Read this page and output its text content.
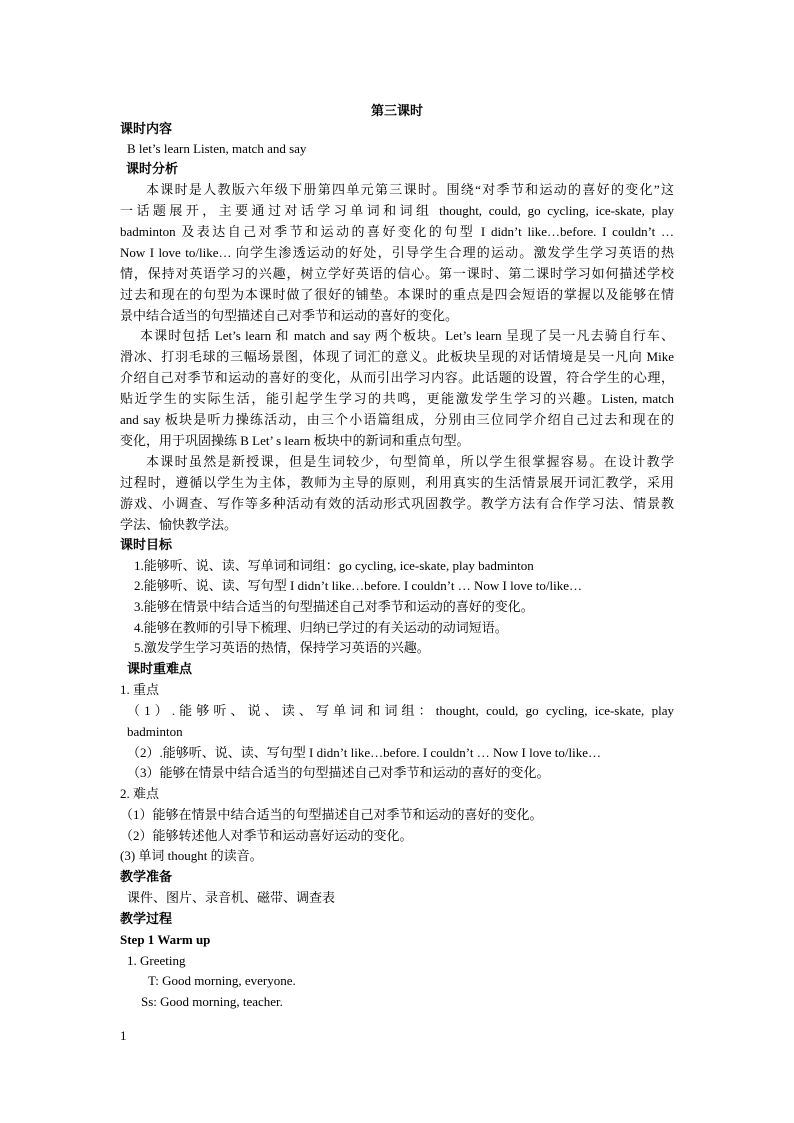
第三课时
课时内容
B let’s learn Listen, match and say
课时分析
本课时是人教版六年级下册第四单元第三课时。围绕“对季节和运动的喜好的变化”这
一话题展开，主要通过对话学习单词和词组 thought, could, go cycling, ice-skate, play
badminton 及表达自己对季节和运动的喜好变化的句型 I didn’t like…before. I couldn’t …
Now I love to/like… 向学生渗透运动的好处，引导学生合理的运动。激发学生学习英语的热
情，保持对英语学习的兴趣，树立学好英语的信心。第一课时、第二课时学习如何描述学校
过去和现在的句型为本课时做了很好的铺垫。本课时的重点是四会短语的掌握以及能够在情
景中结合适当的句型描述自己对季节和运动的喜好的变化。
本课时包括 Let’s learn 和 match and say 两个板块。Let’s learn 呈现了吴一凡去骑自行车、
滑冰、打羽毛球的三幅场景图，体现了词汇的意义。此板块呈现的对话情境是吴一凡向 Mike
介绍自己对季节和运动的喜好的变化，从而引出学习内容。此话题的设置，符合学生的心理，
贴近学生的实际生活，能引起学生学习的共鸣，更能激发学生学习的兴趣。Listen, match
and say 板块是听力操练活动，由三个小语篇组成，分别由三位同学介绍自己过去和现在的
变化，用于巩固操练 B Let’ s learn 板块中的新词和重点句型。
本课时虽然是新授课，但是生词较少，句型简单，所以学生很掌握容易。在设计教学
过程时，遵循以学生为主体，教师为主导的原则，利用真实的生活情景展开词汇教学，采用
游戏、小调查、写作等多种活动有效的活动形式巩固教学。教学方法有合作学习法、情景教
学法、愉快教学法。
课时目标
1.能够听、说、读、写单词和词组：go cycling, ice-skate, play badminton
2.能够听、说、读、写句型 I didn’t like…before. I couldn’t … Now I love to/like…
3.能够在情景中结合适当的句型描述自己对季节和运动的喜好的变化。
4.能够在教师的引导下梳理、归纳已学过的有关运动的动词短语。
5.激发学生学习英语的热情，保持学习英语的兴趣。
课时重难点
1. 重点
（1）.能够听、说、读、写单词和词组：thought, could, go cycling, ice-skate, play
badminton
（2）.能够听、说、读、写句型 I didn’t like…before. I couldn’t … Now I love to/like…
（3）能够在情景中结合适当的句型描述自己对季节和运动的喜好的变化。
2. 难点
（1）能够在情景中结合适当的句型描述自己对季节和运动的喜好的变化。
（2）能够转述他人对季节和运动喜好运动的变化。
(3) 单词 thought 的读音。
教学准备
课件、图片、录音机、磁带、调查表
教学过程
Step 1 Warm up
1. Greeting
T: Good morning, everyone.
Ss: Good morning, teacher.
1
